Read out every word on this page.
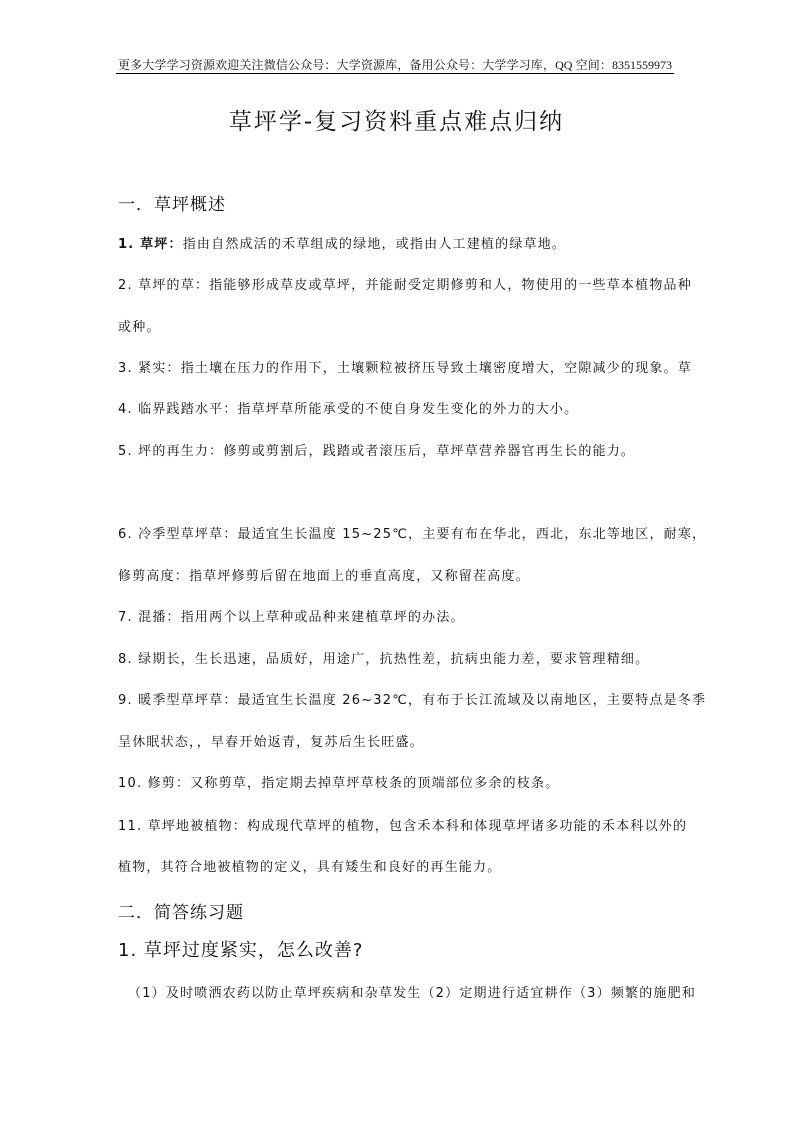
更多大学学习资源欢迎关注微信公众号：大学资源库，备用公众号：大学学习库，QQ 空间：8351559973
草坪学-复习资料重点难点归纳
一．草坪概述
1. 草坪：指由自然成活的禾草组成的绿地，或指由人工建植的绿草地。
2. 草坪的草：指能够形成草皮或草坪，并能耐受定期修剪和人，物使用的一些草本植物品种
或种。
3. 紧实：指土壤在压力的作用下，土壤颗粒被挤压导致土壤密度增大，空隙减少的现象。草
4. 临界践踏水平：指草坪草所能承受的不使自身发生变化的外力的大小。
5. 坪的再生力：修剪或剪割后，践踏或者滚压后，草坪草营养器官再生长的能力。
6. 冷季型草坪草：最适宜生长温度 15~25℃，主要有布在华北，西北，东北等地区，耐寒，
修剪高度：指草坪修剪后留在地面上的垂直高度，又称留茬高度。
7. 混播：指用两个以上草种或品种来建植草坪的办法。
8. 绿期长，生长迅速，品质好，用途广，抗热性差，抗病虫能力差，要求管理精细。
9. 暖季型草坪草：最适宜生长温度 26~32℃，有布于长江流域及以南地区，主要特点是冬季
呈休眠状态，，早春开始返青，复苏后生长旺盛。
10. 修剪：又称剪草，指定期去掉草坪草枝条的顶端部位多余的枝条。
11. 草坪地被植物：构成现代草坪的植物，包含禾本科和体现草坪诸多功能的禾本科以外的
植物，其符合地被植物的定义，具有矮生和良好的再生能力。
二．简答练习题
1. 草坪过度紧实，怎么改善?
（1）及时喷洒农药以防止草坪疾病和杂草发生（2）定期进行适宜耕作（3）频繁的施肥和
